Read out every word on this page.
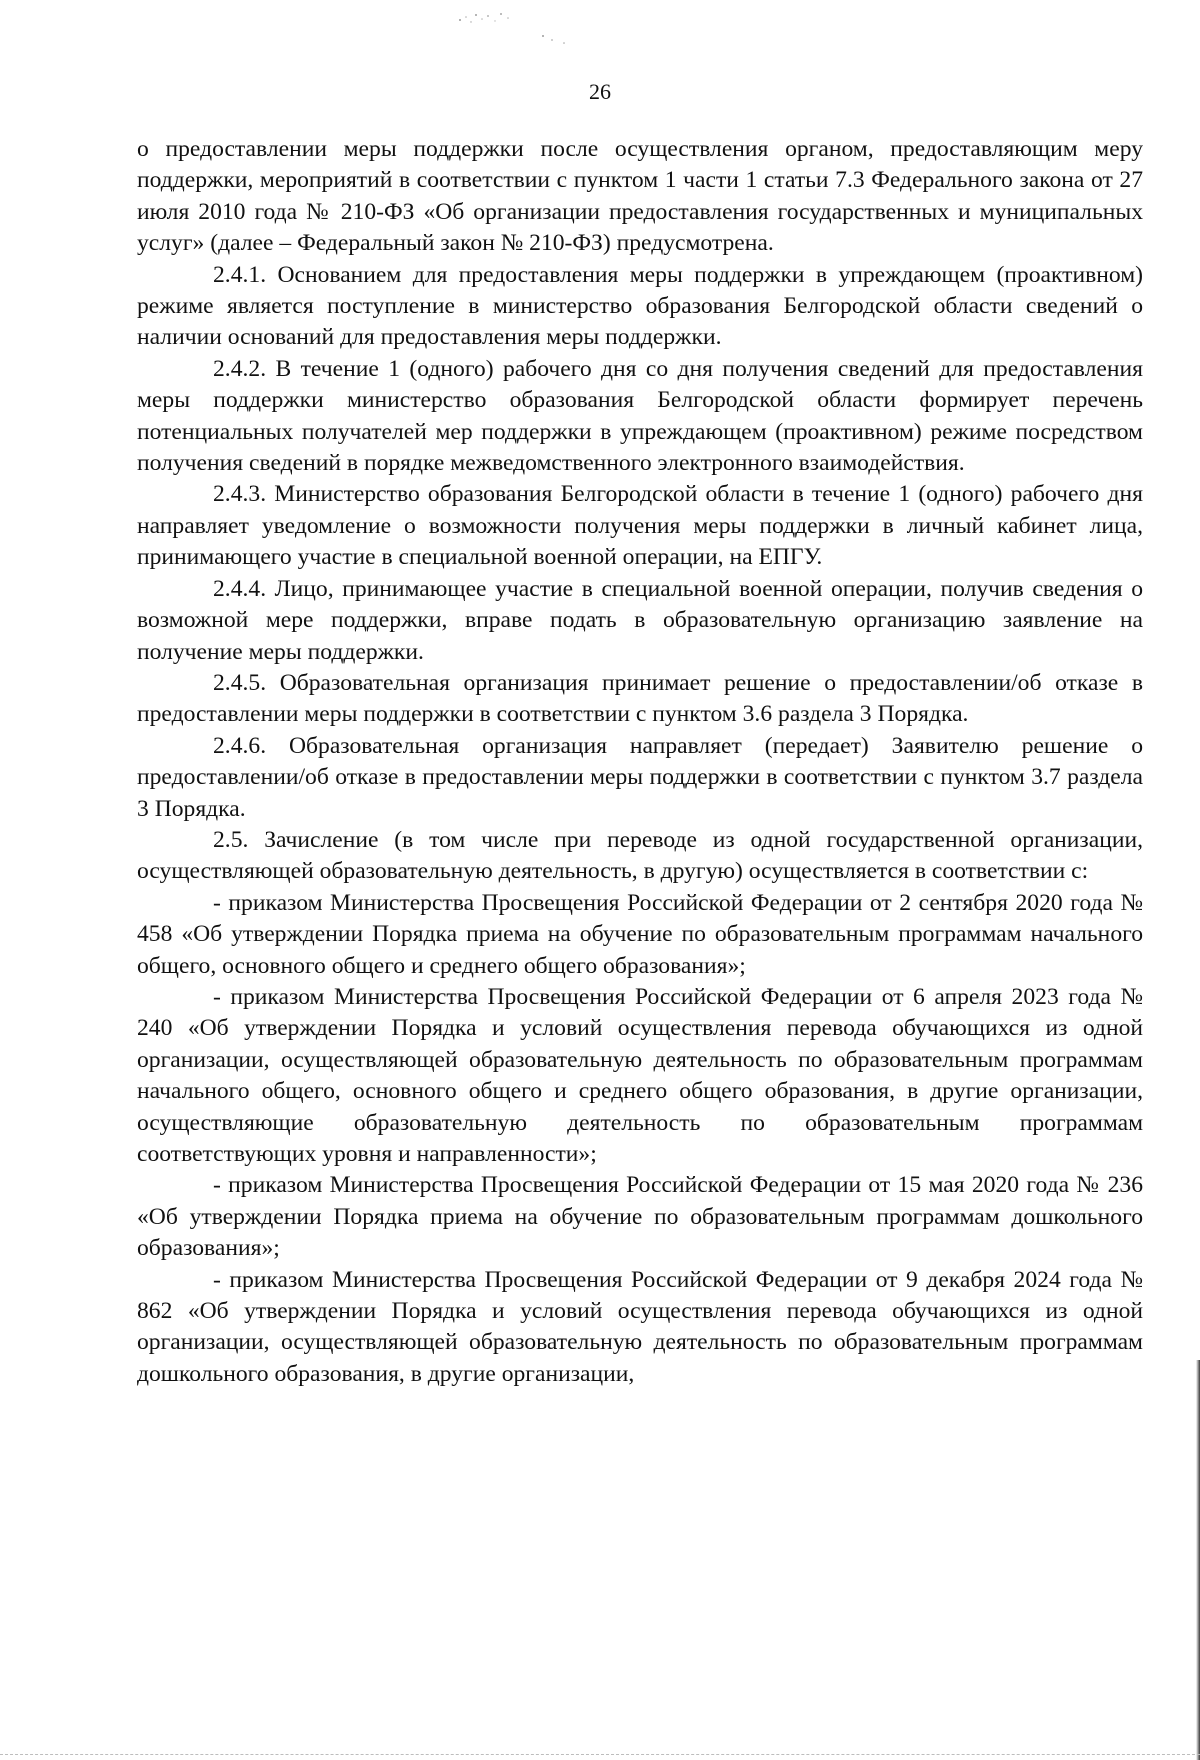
26

о предоставлении меры поддержки после осуществления органом, предоставляющим меру поддержки, мероприятий в соответствии с пунктом 1 части 1 статьи 7.3 Федерального закона от 27 июля 2010 года № 210-ФЗ «Об организации предоставления государственных и муниципальных услуг» (далее – Федеральный закон № 210-ФЗ) предусмотрена.

2.4.1. Основанием для предоставления меры поддержки в упреждающем (проактивном) режиме является поступление в министерство образования Белгородской области сведений о наличии оснований для предоставления меры поддержки.

2.4.2. В течение 1 (одного) рабочего дня со дня получения сведений для предоставления меры поддержки министерство образования Белгородской области формирует перечень потенциальных получателей мер поддержки в упреждающем (проактивном) режиме посредством получения сведений в порядке межведомственного электронного взаимодействия.

2.4.3. Министерство образования Белгородской области в течение 1 (одного) рабочего дня направляет уведомление о возможности получения меры поддержки в личный кабинет лица, принимающего участие в специальной военной операции, на ЕПГУ.

2.4.4. Лицо, принимающее участие в специальной военной операции, получив сведения о возможной мере поддержки, вправе подать в образовательную организацию заявление на получение меры поддержки.

2.4.5. Образовательная организация принимает решение о предоставлении/об отказе в предоставлении меры поддержки в соответствии с пунктом 3.6 раздела 3 Порядка.

2.4.6. Образовательная организация направляет (передает) Заявителю решение о предоставлении/об отказе в предоставлении меры поддержки в соответствии с пунктом 3.7 раздела 3 Порядка.

2.5. Зачисление (в том числе при переводе из одной государственной организации, осуществляющей образовательную деятельность, в другую) осуществляется в соответствии с:

- приказом Министерства Просвещения Российской Федерации от 2 сентября 2020 года № 458 «Об утверждении Порядка приема на обучение по образовательным программам начального общего, основного общего и среднего общего образования»;

- приказом Министерства Просвещения Российской Федерации от 6 апреля 2023 года № 240 «Об утверждении Порядка и условий осуществления перевода обучающихся из одной организации, осуществляющей образовательную деятельность по образовательным программам начального общего, основного общего и среднего общего образования, в другие организации, осуществляющие образовательную деятельность по образовательным программам соответствующих уровня и направленности»;

- приказом Министерства Просвещения Российской Федерации от 15 мая 2020 года № 236 «Об утверждении Порядка приема на обучение по образовательным программам дошкольного образования»;

- приказом Министерства Просвещения Российской Федерации от 9 декабря 2024 года № 862 «Об утверждении Порядка и условий осуществления перевода обучающихся из одной организации, осуществляющей образовательную деятельность по образовательным программам дошкольного образования, в другие организации,
